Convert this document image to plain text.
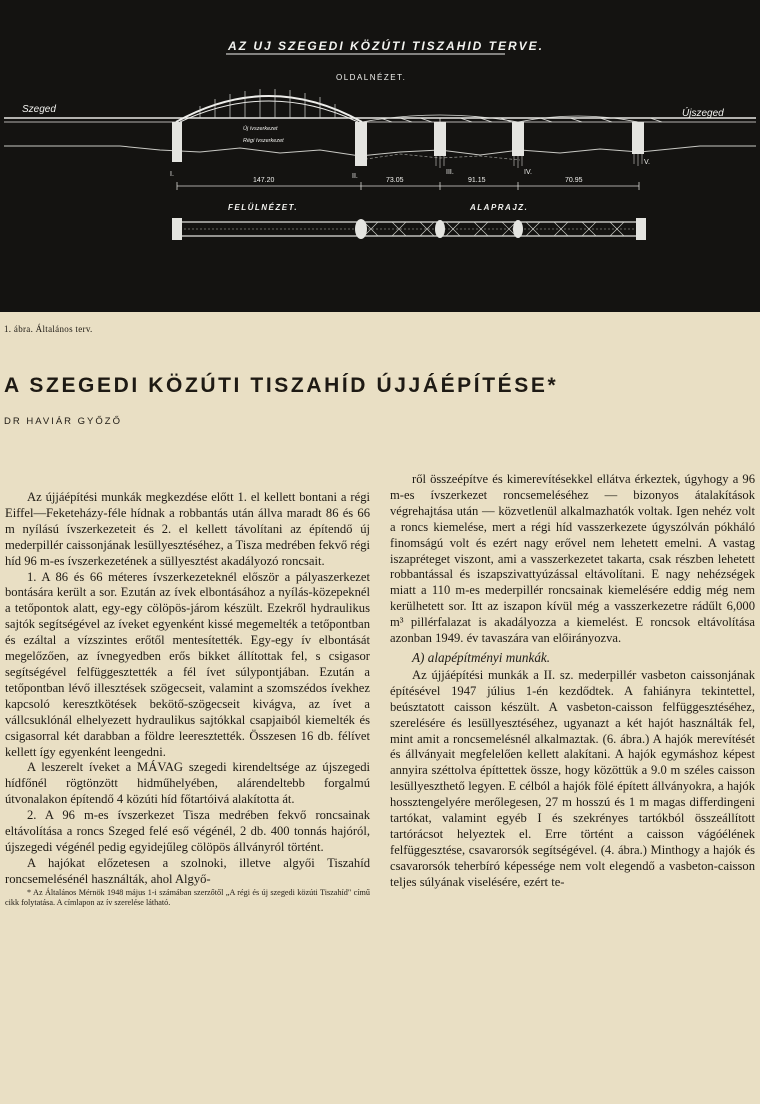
AZ UJ SZEGEDI KÖZÚTI TISZAHID TERVE.
OLDALNÉZET.
Szeged	Újszeged
Új ívszerkezet
Régi ívszerkezet
I.	II.
III.	IV.
V.
147.20	73.05	91.15	70.95
FELÜLNÉZET.	ALAPRAJZ.
1. ábra. Általános terv.
A SZEGEDI KÖZÚTI TISZAHÍD ÚJJÁÉPÍTÉSE*
DR HAVIÁR GYŐZŐ

Az újjáépítési munkák megkezdése előtt 1. el kellett bontani a régi Eiffel—Feketeházy-féle hídnak a robbantás után állva maradt 86 és 66 m nyílású ívszerkezeteit és 2. el kellett távolítani az építendő új mederpillér caissonjának lesüllyesztéséhez, a Tisza medrében fekvő régi híd 96 m-es ívszerkezetének a süllyesztést akadályozó roncsait.

1. A 86 és 66 méteres ívszerkezeteknél először a pályaszerkezet bontására került a sor. Ezután az ívek elbontásához a nyílás-közepeknél a tetőpontok alatt, egy-egy cölöpös-járom készült. Ezekről hydraulikus sajtók segítségével az íveket egyenként kissé megemelték a tetőpontban és ezáltal a vízszintes erőtől mentesítették. Egy-egy ív elbontását megelőzően, az ívnegyedben erős bikket állítottak fel, s csigasor segítségével felfüggesztették a fél ívet súlypontjában. Ezután a tetőpontban lévő illesztések szögecseit, valamint a szomszédos ívekhez kapcsoló keresztkötések bekötő-szögecseit kivágva, az ívet a vállcsuklónál elhelyezett hydraulikus sajtókkal csapjaiból kiemelték és csigasorral két darabban a földre leeresztették. Összesen 16 db. félívet kellett így egyenként leengedni.

A leszerelt íveket a MÁVAG szegedi kirendeltsége az újszegedi hídfőnél rögtönzött hidműhelyében, alárendeltebb forgalmú útvonalakon építendő 4 közúti híd főtartóivá alakította át.

2. A 96 m-es ívszerkezet Tisza medrében fekvő roncsainak eltávolítása a roncs Szeged felé eső végénél, 2 db. 400 tonnás hajóról, újszegedi végénél pedig egyidejűleg cölöpös állványról történt.

A hajókat előzetesen a szolnoki, illetve algyői Tiszahíd roncsemelésénél használták, ahol Algyő-

* Az Általános Mérnök 1948 május 1-i számában szerzőtől „A régi és új szegedi közúti Tiszahíd" című cikk folytatása. A címlapon az ív szerelése látható.

ről összeépítve és kimerevítésekkel ellátva érkeztek, úgyhogy a 96 m-es ívszerkezet roncsemeléséhez — bizonyos átalakítások végrehajtása után — közvetlenül alkalmazhatók voltak. Igen nehéz volt a roncs kiemelése, mert a régi híd vasszerkezete úgyszólván pókháló finomságú volt és ezért nagy erővel nem lehetett emelni. A vastag iszapréteget viszont, ami a vasszerkezetet takarta, csak részben lehetett robbantással és iszapszivattyúzással eltávolítani. E nagy nehézségek miatt a 110 m-es mederpillér roncsainak kiemelésére eddig még nem kerülhetett sor. Itt az iszapon kívül még a vasszerkezetre rádűlt 6,000 m³ pillérfalazat is akadályozza a kiemelést. E roncsok eltávolítása azonban 1949. év tavaszára van előirányozva.

A) alapépítményi munkák.

Az újjáépítési munkák a II. sz. mederpillér vasbeton caissonjának építésével 1947 július 1-én kezdődtek. A fahiányra tekintettel, beúsztatott caisson készült. A vasbeton-caisson felfüggesztéséhez, szerelésére és lesüllyesztéséhez, ugyanazt a két hajót használták fel, mint amit a roncsemelésnél alkalmaztak. (6. ábra.) A hajók merevítését és állványait megfelelően kellett alakítani. A hajók egymáshoz képest annyira széttolva építtettek össze, hogy közöttük a 9.0 m széles caisson lesüllyeszthető legyen. E célból a hajók fölé épített állványokra, a hajók hossztengelyére merőlegesen, 27 m hosszú és 1 m magas differdingeni tartókat, valamint egyéb I és szekrényes tartókból összeállított tartórácsot helyeztek el. Erre történt a caisson vágóélének felfüggesztése, csavarorsók segítségével. (4. ábra.) Minthogy a hajók és csavarorsók teherbíró képessége nem volt elegendő a vasbeton-caisson teljes súlyának viselésére, ezért te-
